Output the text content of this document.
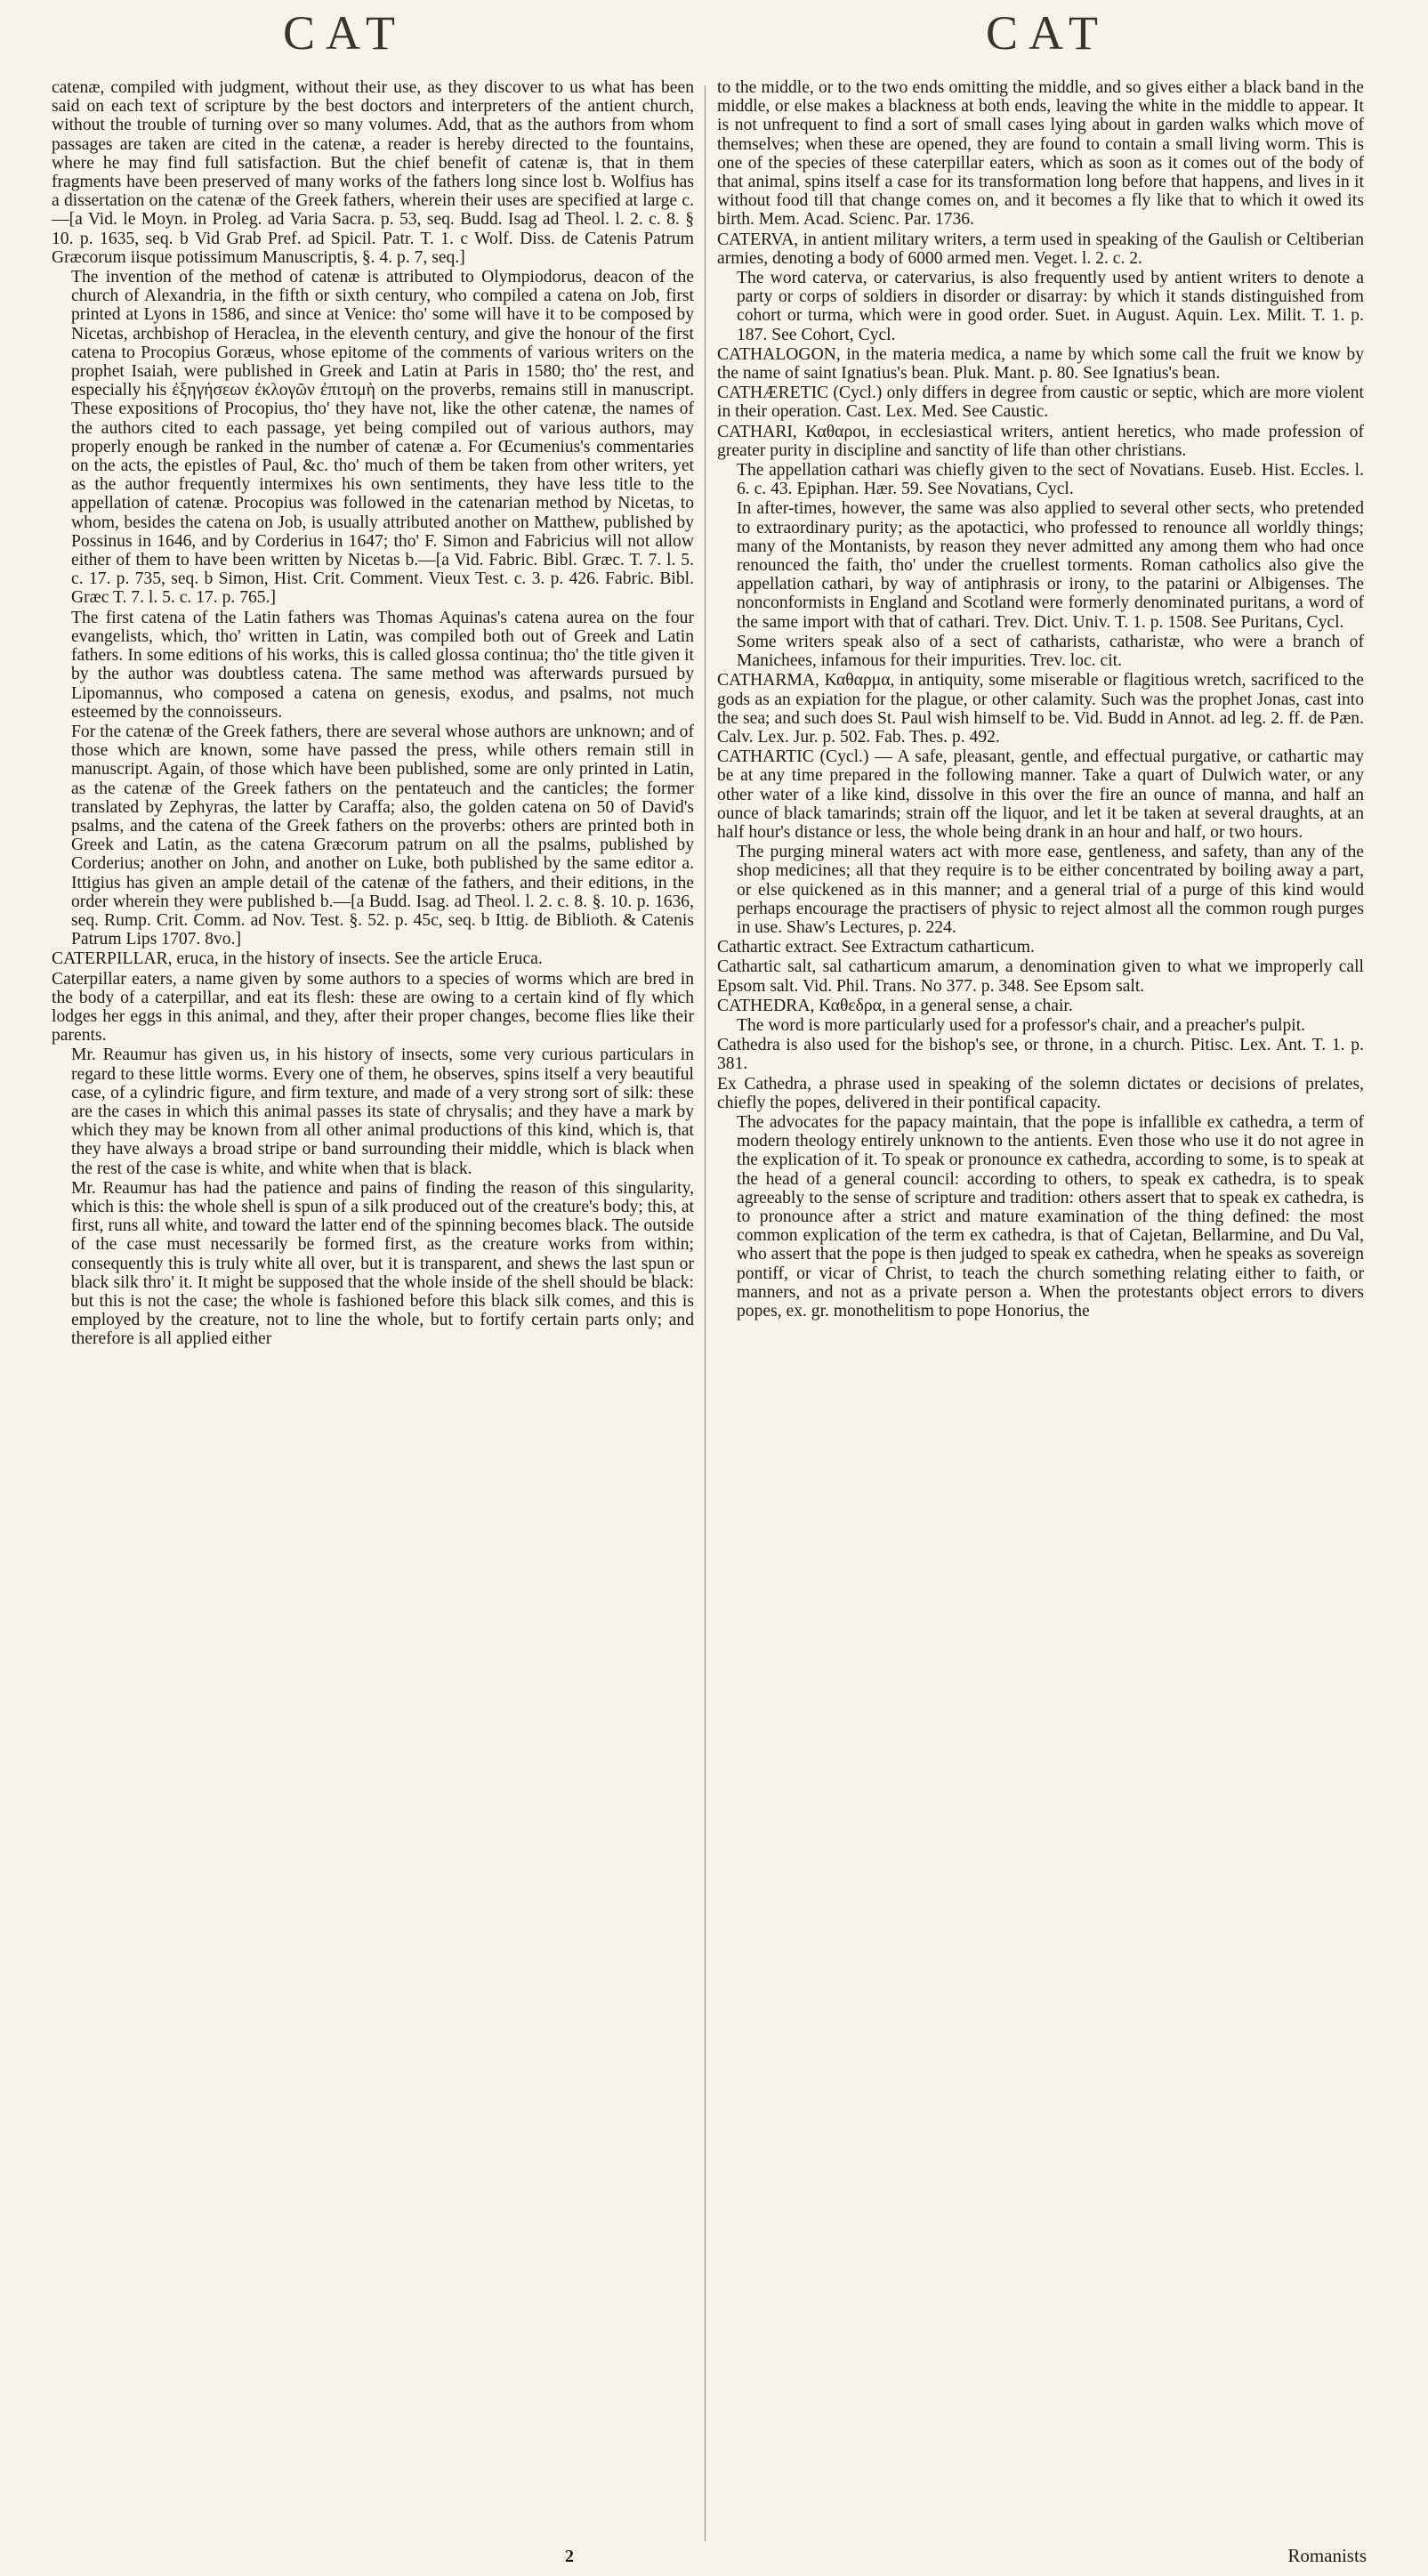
CAT	CAT

catenæ, compiled with judgment, without their use, as they discover to us what has been said on each text of scripture by the best doctors and interpreters of the antient church, without the trouble of turning over so many volumes. Add, that as the authors from whom passages are taken are cited in the catenæ, a reader is hereby directed to the fountains, where he may find full satisfaction. But the chief benefit of catenæ is, that in them fragments have been preserved of many works of the fathers long since lost b. Wolfius has a dissertation on the catenæ of the Greek fathers, wherein their uses are specified at large c.—[a Vid. le Moyn. in Proleg. ad Varia Sacra. p. 53, seq. Budd. Isag ad Theol. l. 2. c. 8. § 10. p. 1635, seq. b Vid Grab Pref. ad Spicil. Patr. T. 1. c Wolf. Diss. de Catenis Patrum Græcorum iisque potissimum Manuscriptis, §. 4. p. 7, seq.]

The invention of the method of catenæ is attributed to Olympiodorus, deacon of the church of Alexandria, in the fifth or sixth century, who compiled a catena on Job, first printed at Lyons in 1586, and since at Venice: tho' some will have it to be composed by Nicetas, archbishop of Heraclea, in the eleventh century, and give the honour of the first catena to Procopius Goræus, whose epitome of the comments of various writers on the prophet Isaiah, were published in Greek and Latin at Paris in 1580; tho' the rest, and especially his ἐξηγήσεων ἐκλογῶν ἐπιτομὴ on the proverbs, remains still in manuscript. These expositions of Procopius, tho' they have not, like the other catenæ, the names of the authors cited to each passage, yet being compiled out of various authors, may properly enough be ranked in the number of catenæ a. For Œcumenius's commentaries on the acts, the epistles of Paul, &c. tho' much of them be taken from other writers, yet as the author frequently intermixes his own sentiments, they have less title to the appellation of catenæ. Procopius was followed in the catenarian method by Nicetas, to whom, besides the catena on Job, is usually attributed another on Matthew, published by Possinus in 1646, and by Corderius in 1647; tho' F. Simon and Fabricius will not allow either of them to have been written by Nicetas b.—[a Vid. Fabric. Bibl. Græc. T. 7. l. 5. c. 17. p. 735, seq. b Simon, Hist. Crit. Comment. Vieux Test. c. 3. p. 426. Fabric. Bibl. Græc T. 7. l. 5. c. 17. p. 765.]

The first catena of the Latin fathers was Thomas Aquinas's catena aurea on the four evangelists, which, tho' written in Latin, was compiled both out of Greek and Latin fathers. In some editions of his works, this is called glossa continua; tho' the title given it by the author was doubtless catena. The same method was afterwards pursued by Lipomannus, who composed a catena on genesis, exodus, and psalms, not much esteemed by the connoisseurs.

For the catenæ of the Greek fathers, there are several whose authors are unknown; and of those which are known, some have passed the press, while others remain still in manuscript. Again, of those which have been published, some are only printed in Latin, as the catenæ of the Greek fathers on the pentateuch and the canticles; the former translated by Zephyras, the latter by Caraffa; also, the golden catena on 50 of David's psalms, and the catena of the Greek fathers on the proverbs: others are printed both in Greek and Latin, as the catena Græcorum patrum on all the psalms, published by Corderius; another on John, and another on Luke, both published by the same editor a. Ittigius has given an ample detail of the catenæ of the fathers, and their editions, in the order wherein they were published b.—[a Budd. Isag. ad Theol. l. 2. c. 8. §. 10. p. 1636, seq. Rump. Crit. Comm. ad Nov. Test. §. 52. p. 45c, seq. b Ittig. de Biblioth. & Catenis Patrum Lips 1707. 8vo.]

CATERPILLAR, eruca, in the history of insects. See the article Eruca.

Caterpillar eaters, a name given by some authors to a species of worms which are bred in the body of a caterpillar, and eat its flesh: these are owing to a certain kind of fly which lodges her eggs in this animal, and they, after their proper changes, become flies like their parents.

Mr. Reaumur has given us, in his history of insects, some very curious particulars in regard to these little worms. Every one of them, he observes, spins itself a very beautiful case, of a cylindric figure, and firm texture, and made of a very strong sort of silk: these are the cases in which this animal passes its state of chrysalis; and they have a mark by which they may be known from all other animal productions of this kind, which is, that they have always a broad stripe or band surrounding their middle, which is black when the rest of the case is white, and white when that is black.

Mr. Reaumur has had the patience and pains of finding the reason of this singularity, which is this: the whole shell is spun of a silk produced out of the creature's body; this, at first, runs all white, and toward the latter end of the spinning becomes black. The outside of the case must necessarily be formed first, as the creature works from within; consequently this is truly white all over, but it is transparent, and shews the last spun or black silk thro' it. It might be supposed that the whole inside of the shell should be black: but this is not the case; the whole is fashioned before this black silk comes, and this is employed by the creature, not to line the whole, but to fortify certain parts only; and therefore is all applied either

to the middle, or to the two ends omitting the middle, and so gives either a black band in the middle, or else makes a blackness at both ends, leaving the white in the middle to appear. It is not unfrequent to find a sort of small cases lying about in garden walks which move of themselves; when these are opened, they are found to contain a small living worm. This is one of the species of these caterpillar eaters, which as soon as it comes out of the body of that animal, spins itself a case for its transformation long before that happens, and lives in it without food till that change comes on, and it becomes a fly like that to which it owed its birth. Mem. Acad. Scienc. Par. 1736.

CATERVA, in antient military writers, a term used in speaking of the Gaulish or Celtiberian armies, denoting a body of 6000 armed men. Veget. l. 2. c. 2.

The word caterva, or catervarius, is also frequently used by antient writers to denote a party or corps of soldiers in disorder or disarray: by which it stands distinguished from cohort or turma, which were in good order. Suet. in August. Aquin. Lex. Milit. T. 1. p. 187. See Cohort, Cycl.

CATHALOGON, in the materia medica, a name by which some call the fruit we know by the name of saint Ignatius's bean. Pluk. Mant. p. 80. See Ignatius's bean.

CATHÆRETIC (Cycl.) only differs in degree from caustic or septic, which are more violent in their operation. Cast. Lex. Med. See Caustic.

CATHARI, Καθαροι, in ecclesiastical writers, antient heretics, who made profession of greater purity in discipline and sanctity of life than other christians.

The appellation cathari was chiefly given to the sect of Novatians. Euseb. Hist. Eccles. l. 6. c. 43. Epiphan. Hær. 59. See Novatians, Cycl.

In after-times, however, the same was also applied to several other sects, who pretended to extraordinary purity; as the apotactici, who professed to renounce all worldly things; many of the Montanists, by reason they never admitted any among them who had once renounced the faith, tho' under the cruellest torments. Roman catholics also give the appellation cathari, by way of antiphrasis or irony, to the patarini or Albigenses. The nonconformists in England and Scotland were formerly denominated puritans, a word of the same import with that of cathari. Trev. Dict. Univ. T. 1. p. 1508. See Puritans, Cycl.

Some writers speak also of a sect of catharists, catharistæ, who were a branch of Manichees, infamous for their impurities. Trev. loc. cit.

CATHARMA, Καθαρμα, in antiquity, some miserable or flagitious wretch, sacrificed to the gods as an expiation for the plague, or other calamity. Such was the prophet Jonas, cast into the sea; and such does St. Paul wish himself to be. Vid. Budd in Annot. ad leg. 2. ff. de Pæn. Calv. Lex. Jur. p. 502. Fab. Thes. p. 492.

CATHARTIC (Cycl.) — A safe, pleasant, gentle, and effectual purgative, or cathartic may be at any time prepared in the following manner. Take a quart of Dulwich water, or any other water of a like kind, dissolve in this over the fire an ounce of manna, and half an ounce of black tamarinds; strain off the liquor, and let it be taken at several draughts, at an half hour's distance or less, the whole being drank in an hour and half, or two hours.

The purging mineral waters act with more ease, gentleness, and safety, than any of the shop medicines; all that they require is to be either concentrated by boiling away a part, or else quickened as in this manner; and a general trial of a purge of this kind would perhaps encourage the practisers of physic to reject almost all the common rough purges in use. Shaw's Lectures, p. 224.

Cathartic extract. See Extractum catharticum.

Cathartic salt, sal catharticum amarum, a denomination given to what we improperly call Epsom salt. Vid. Phil. Trans. No 377. p. 348. See Epsom salt.

CATHEDRA, Καθεδρα, in a general sense, a chair.

The word is more particularly used for a professor's chair, and a preacher's pulpit.

Cathedra is also used for the bishop's see, or throne, in a church. Pitisc. Lex. Ant. T. 1. p. 381.

Ex Cathedra, a phrase used in speaking of the solemn dictates or decisions of prelates, chiefly the popes, delivered in their pontifical capacity.

The advocates for the papacy maintain, that the pope is infallible ex cathedra, a term of modern theology entirely unknown to the antients. Even those who use it do not agree in the explication of it. To speak or pronounce ex cathedra, according to some, is to speak at the head of a general council: according to others, to speak ex cathedra, is to speak agreeably to the sense of scripture and tradition: others assert that to speak ex cathedra, is to pronounce after a strict and mature examination of the thing defined: the most common explication of the term ex cathedra, is that of Cajetan, Bellarmine, and Du Val, who assert that the pope is then judged to speak ex cathedra, when he speaks as sovereign pontiff, or vicar of Christ, to teach the church something relating either to faith, or manners, and not as a private person a. When the protestants object errors to divers popes, ex. gr. monothelitism to pope Honorius, the

2	Romanists
